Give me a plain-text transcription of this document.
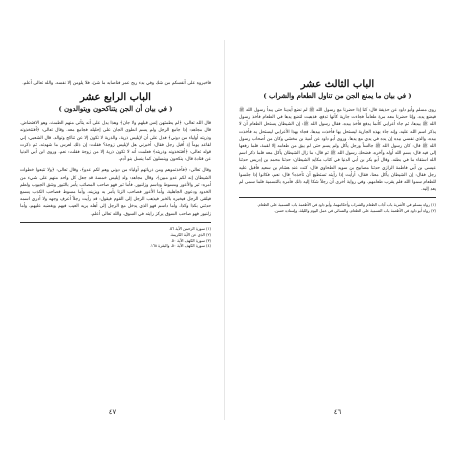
الباب الثالث عشر
( في بيان ما يمنع الجن من تناول الطعام والشراب )

روى مسلم وأبو داود عن حذيفة قال: كنا إذا حضرنا مع رسول الله ﷺ لم نضع أيدينا حتى يبدأ رسول الله ﷺ فيضع يده، وإنا حضرنا معه مرة طعاماً فجاءت جارية كأنها تدفع، فذهبت لتضع يدها في الطعام فأخذ رسول الله ﷺ بيدها، ثم جاء أعرابي كأنما يدفع فأخذ بيده، فقال رسول الله ﷺ: إن الشيطان يستحل الطعام أن لا يذكر اسم الله عليه، وإنه جاء بهذه الجارية ليستحل بها فأخذت بيدها، فجاء بهذا الأعرابي ليستحل به فأخذت بيده، والذي نفسي بيده إن يده في يدي مع يدها. وروى أبو داود عن أمية بن مخشي وكان من أصحاب رسول الله ﷺ قال: كان رسول الله ﷺ جالساً ورجل يأكل ولم يسم حتى لم يبق من طعامه إلا لقمة، فلما رفعها إلى فيه قال: بسم الله أوله وآخره، فضحك رسول الله ﷺ ثم قال: ما زال الشيطان يأكل معه فلما ذكر اسم الله استقاء ما في بطنه. وقال أبو بكر بن أبي الدنيا في كتاب مكايد الشيطان: حدثنا محمد بن إدريس حدثنا عيسى بن أبي فاطمة الرازي حدثنا مصابيح بن سويد الطحاوي قال: كنت عند هشام بن سعيد فأقبل عليه رجل فقال: إن الشيطان يأكل معنا، فقال: أرأيت إذا رأيته تستطيع أن تأخذه؟ قال: نعم، فكانوا إذا جلسوا للطعام سموا الله فلم يقرب طعامهم. وفي رواية أخرى أن رجلاً شكا إليه ذلك فأمره بالتسمية فلما سمى لم يعد إليه.

(١) رواه مسلم في الأشربة باب آداب الطعام والشراب وأحكامهما، وأبو داود في الأطعمة باب التسمية على الطعام.
(٢) رواه أبو داود في الأطعمة باب التسمية على الطعام، والنسائي في عمل اليوم والليلة، وإسناده حسن.
٤٦

فاخبروه على أنفسكم من شك وفي بدء ريح عمر فناصابه ما شئ، فلا يلومن إلا نفسه. والله تعالى أعلم.

الباب الرابع عشر
( في بيان أن الجن يتناكحون ويتوالدون )

قال الله تعالى: ﴿لم يطمثهن إنس قبلهم ولا جان﴾ وهذا يدل على أنه يتأتى منهم الطمث، وهو الافتضاض. قال مجاهد: إذا جامع الرجل ولم يسم انطوى الجان على إحليله فجامع معه. وقال تعالى: ﴿أفتتخذونه وذريته أولياء من دوني﴾ فدل على أن لإبليس ذرية، والذرية لا تكون إلا عن تناكح وتوالد. قال الشعبي: إني لقاعد يوماً إذ أقبل رجل فقال: أخبرني هل لإبليس زوجة؟ فقلت: إن ذلك لعرس ما شهدته، ثم ذكرت قوله تعالى: ﴿أفتتخذونه وذريته﴾ فعلمت أنه لا تكون ذرية إلا من زوجة فقلت: نعم. وروى ابن أبي الدنيا عن قتادة قال: ينكحون وينسلون كما ينسل بنو آدم.

وقال تعالى: ﴿فأخذتموهم ومن ذرياتهم أولياء من دوني وهم لكم عدو﴾، وقال تعالى: ﴿ولا تتبعوا خطوات الشيطان إنه لكم عدو مبين﴾، وقال مجاهد: ولد إبليس خمسة قد جعل كل واحد منهم على شيء من أمره: ثبر والأعور ومسوط وداسم وزلنبور. فأما ثبر فهو صاحب المصائب يأمر بالثبور وشق الجيوب ولطم الخدود ودعوى الجاهلية، وأما الأعور فصاحب الزنا يأمر به ويزينه، وأما مسوط فصاحب الكذب يسمع فيلقى الرجل فيخبره بالخبر فيذهب الرجل إلى القوم فيقول: قد رأيت رجلاً أعرف وجهه ولا أدري اسمه حدثني بكذا وكذا، وأما داسم فهو الذي يدخل مع الرجل إلى أهله يريه العيب فيهم ويغضبه عليهم، وأما زلنبور فهو صاحب السوق يركز رايته في السوق. والله تعالى أعلم.

(١) سورة الرحمن الآية ٥٦.
(٢) الذي عن الآية الكريمة.
(٣) سورة الكهف الآية ٥٠.
(٤) سورة الكهف الآية ٥٠، والبقرة ١٦٨.
٤٧
